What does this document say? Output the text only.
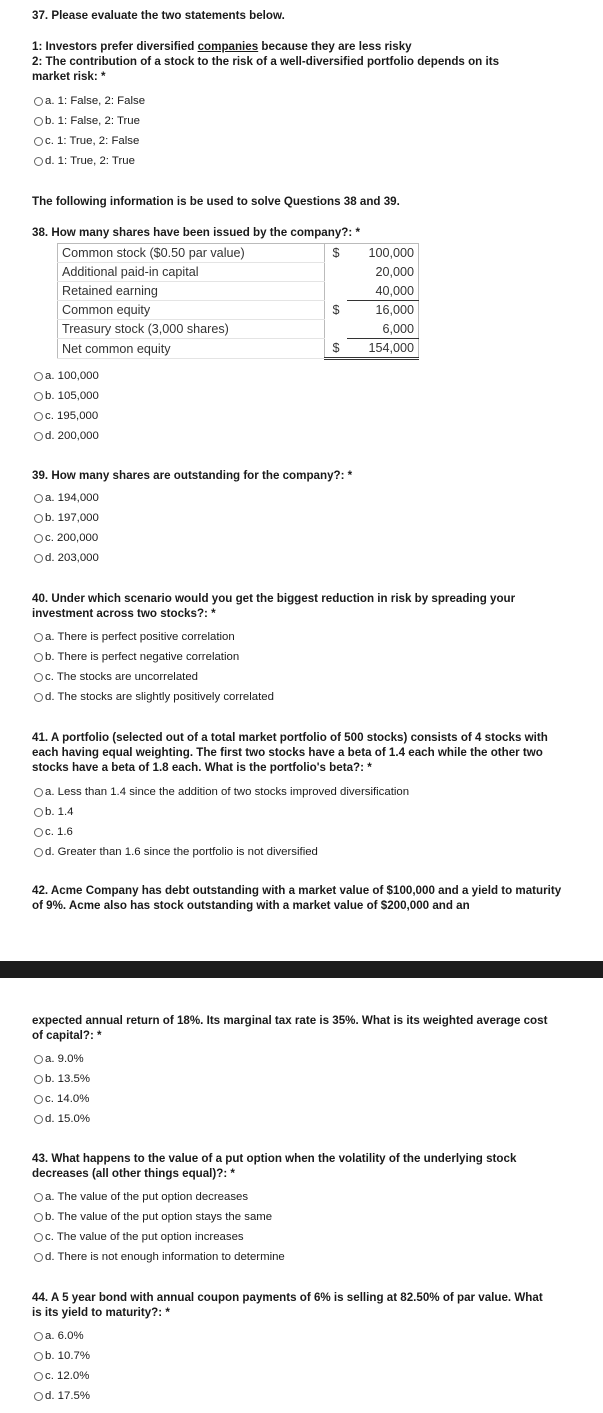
37. Please evaluate the two statements below.
1: Investors prefer diversified companies because they are less risky
2: The contribution of a stock to the risk of a well-diversified portfolio depends on its market risk: *
a. 1: False, 2: False
b. 1: False, 2: True
c. 1: True, 2: False
d. 1: True, 2: True
The following information is be used to solve Questions 38 and 39.
38. How many shares have been issued by the company?: *
Common stock ($0.50 par value)	$	100,000
Additional paid-in capital		20,000
Retained earning		40,000
Common equity	$	16,000
Treasury stock (3,000 shares)		6,000
Net common equity	$	154,000
a. 100,000
b. 105,000
c. 195,000
d. 200,000
39. How many shares are outstanding for the company?: *
a. 194,000
b. 197,000
c. 200,000
d. 203,000
40. Under which scenario would you get the biggest reduction in risk by spreading your investment across two stocks?: *
a. There is perfect positive correlation
b. There is perfect negative correlation
c. The stocks are uncorrelated
d. The stocks are slightly positively correlated
41. A portfolio (selected out of a total market portfolio of 500 stocks) consists of 4 stocks with each having equal weighting. The first two stocks have a beta of 1.4 each while the other two stocks have a beta of 1.8 each. What is the portfolio's beta?: *
a. Less than 1.4 since the addition of two stocks improved diversification
b. 1.4
c. 1.6
d. Greater than 1.6 since the portfolio is not diversified
42. Acme Company has debt outstanding with a market value of $100,000 and a yield to maturity of 9%. Acme also has stock outstanding with a market value of $200,000 and an
expected annual return of 18%. Its marginal tax rate is 35%. What is its weighted average cost of capital?: *
a. 9.0%
b. 13.5%
c. 14.0%
d. 15.0%
43. What happens to the value of a put option when the volatility of the underlying stock decreases (all other things equal)?: *
a. The value of the put option decreases
b. The value of the put option stays the same
c. The value of the put option increases
d. There is not enough information to determine
44. A 5 year bond with annual coupon payments of 6% is selling at 82.50% of par value. What is its yield to maturity?: *
a. 6.0%
b. 10.7%
c. 12.0%
d. 17.5%
